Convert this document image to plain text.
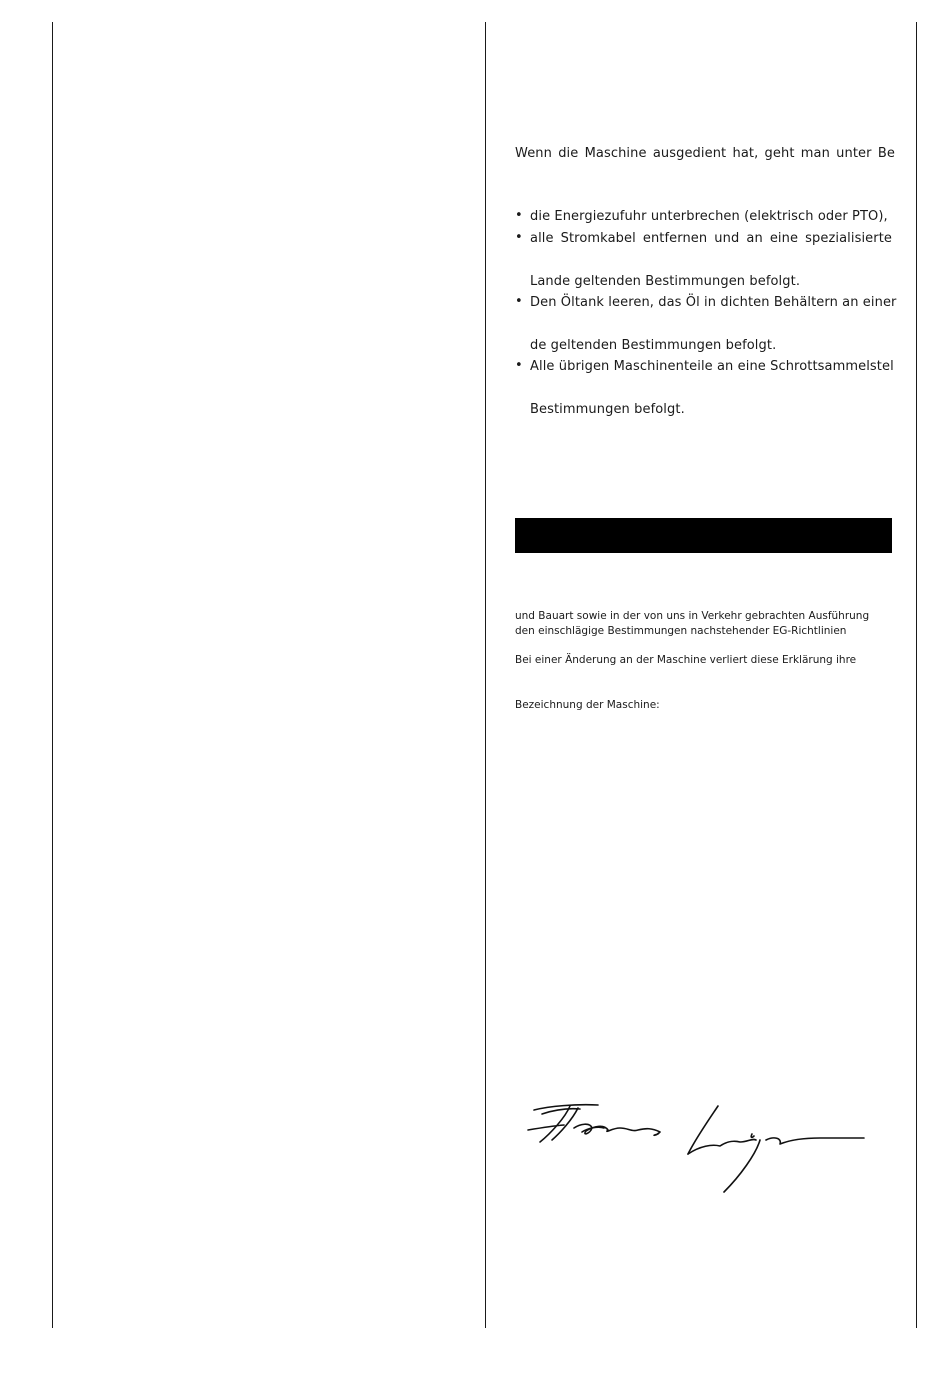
Wenn die Maschine ausgedient hat, geht man unter Be
• die Energiezufuhr unterbrechen (elektrisch oder PTO),
• alle Stromkabel entfernen und an eine spezialisierte
Lande geltenden Bestimmungen befolgt.
• Den Öltank leeren, das Öl in dichten Behältern an einer
de geltenden Bestimmungen befolgt.
• Alle übrigen Maschinenteile an eine Schrottsammelstel
Bestimmungen befolgt.
und Bauart sowie in der von uns in Verkehr gebrachten Ausführung
den einschlägige Bestimmungen nachstehender EG-Richtlinien
Bei einer Änderung an der Maschine verliert diese Erklärung ihre
Bezeichnung der Maschine:
